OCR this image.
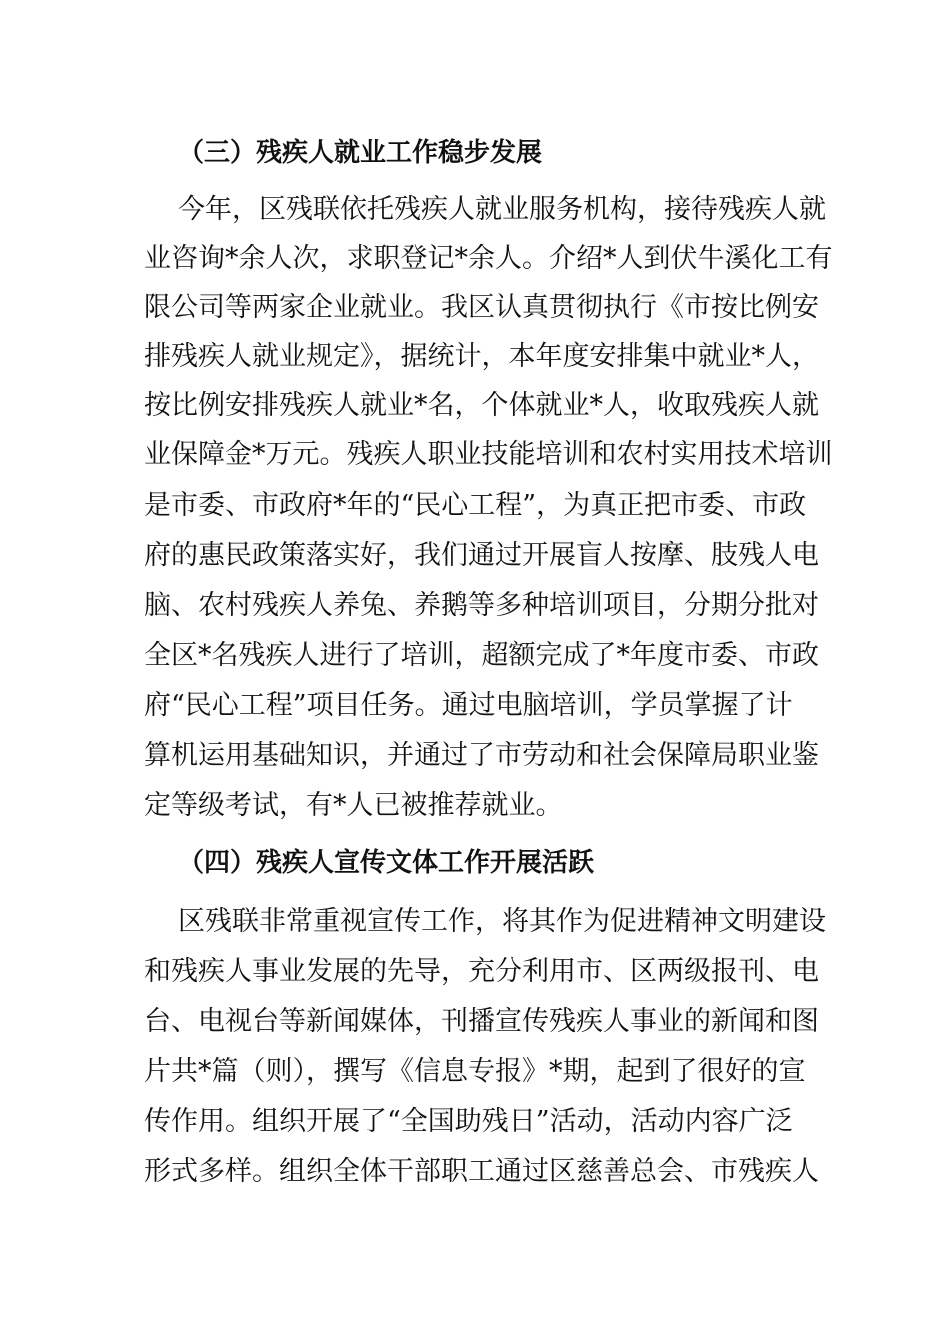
（三）残疾人就业工作稳步发展
今年，区残联依托残疾人就业服务机构，接待残疾人就
业咨询*余人次，求职登记*余人。介绍*人到伏牛溪化工有
限公司等两家企业就业。我区认真贯彻执行《市按比例安
排残疾人就业规定》，据统计，本年度安排集中就业*人，
按比例安排残疾人就业*名，个体就业*人，收取残疾人就
业保障金*万元。残疾人职业技能培训和农村实用技术培训
是市委、市政府*年的“民心工程”，为真正把市委、市政
府的惠民政策落实好，我们通过开展盲人按摩、肢残人电
脑、农村残疾人养兔、养鹅等多种培训项目，分期分批对
全区*名残疾人进行了培训，超额完成了*年度市委、市政
府“民心工程”项目任务。通过电脑培训，学员掌握了计
算机运用基础知识，并通过了市劳动和社会保障局职业鉴
定等级考试，有*人已被推荐就业。
（四）残疾人宣传文体工作开展活跃
区残联非常重视宣传工作，将其作为促进精神文明建设
和残疾人事业发展的先导，充分利用市、区两级报刊、电
台、电视台等新闻媒体，刊播宣传残疾人事业的新闻和图
片共*篇（则），撰写《信息专报》*期，起到了很好的宣
传作用。组织开展了“全国助残日”活动，活动内容广泛
形式多样。组织全体干部职工通过区慈善总会、市残疾人
